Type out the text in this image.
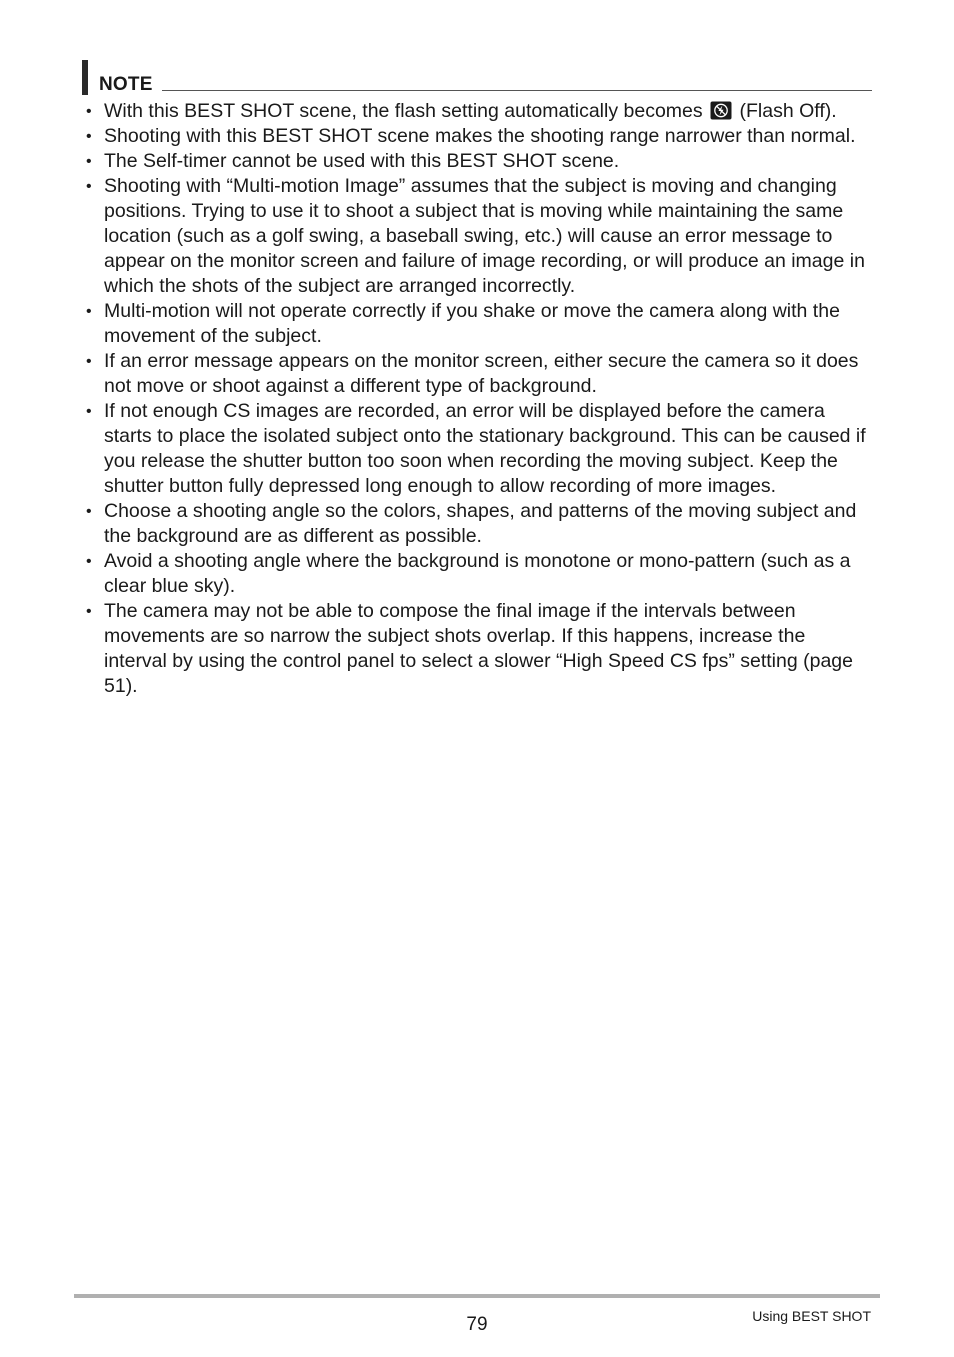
NOTE
• With this BEST SHOT scene, the flash setting automatically becomes (Flash Off).
• Shooting with this BEST SHOT scene makes the shooting range narrower than normal.
• The Self-timer cannot be used with this BEST SHOT scene.
• Shooting with “Multi-motion Image” assumes that the subject is moving and changing positions. Trying to use it to shoot a subject that is moving while maintaining the same location (such as a golf swing, a baseball swing, etc.) will cause an error message to appear on the monitor screen and failure of image recording, or will produce an image in which the shots of the subject are arranged incorrectly.
• Multi-motion will not operate correctly if you shake or move the camera along with the movement of the subject.
• If an error message appears on the monitor screen, either secure the camera so it does not move or shoot against a different type of background.
• If not enough CS images are recorded, an error will be displayed before the camera starts to place the isolated subject onto the stationary background. This can be caused if you release the shutter button too soon when recording the moving subject. Keep the shutter button fully depressed long enough to allow recording of more images.
• Choose a shooting angle so the colors, shapes, and patterns of the moving subject and the background are as different as possible.
• Avoid a shooting angle where the background is monotone or mono-pattern (such as a clear blue sky).
• The camera may not be able to compose the final image if the intervals between movements are so narrow the subject shots overlap. If this happens, increase the interval by using the control panel to select a slower “High Speed CS fps” setting (page 51).
79	Using BEST SHOT
